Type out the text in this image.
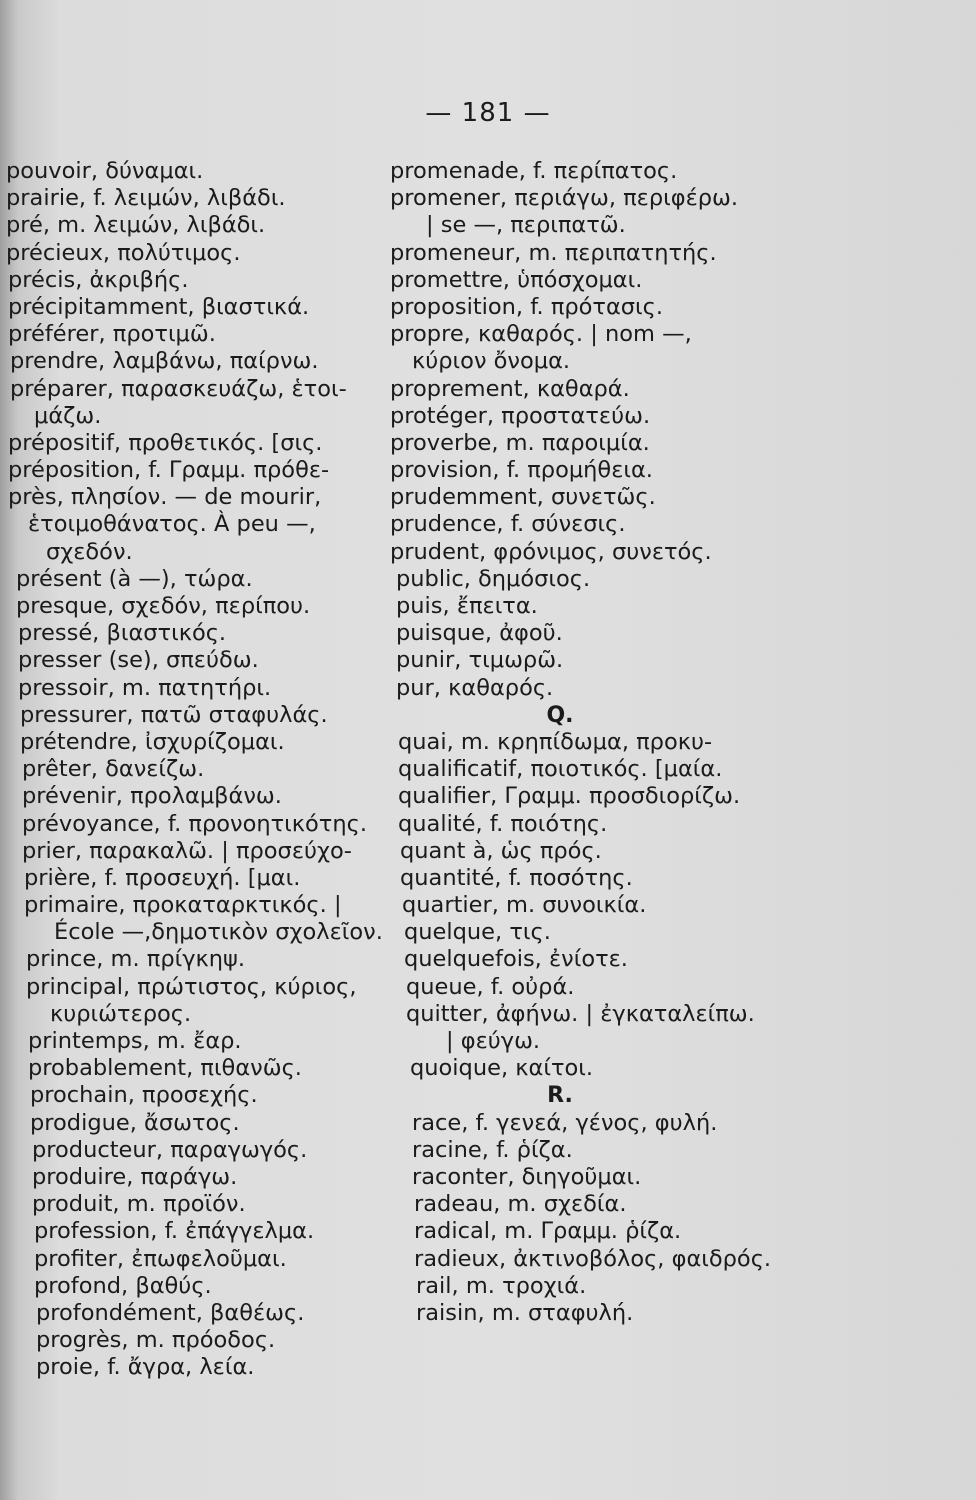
— 181 —
pouvoir, δύναμαι.
prairie, f. λειμών, λιβάδι.
pré, m. λειμών, λιβάδι.
précieux, πολύτιμος.
précis, ἀκριβής.
précipitamment, βιαστικά.
préférer, προτιμῶ.
prendre, λαμβάνω, παίρνω.
préparer, παρασκευάζω, ἑτοι-
μάζω.
prépositif, προθετικός. [σις.
préposition, f. Γραμμ. πρόθε-
près, πλησίον. — de mourir,
ἑτοιμοθάνατος. À peu —,
σχεδόν.
présent (à —), τώρα.
presque, σχεδόν, περίπου.
pressé, βιαστικός.
presser (se), σπεύδω.
pressoir, m. πατητήρι.
pressurer, πατῶ σταφυλάς.
prétendre, ἰσχυρίζομαι.
prêter, δανείζω.
prévenir, προλαμβάνω.
prévoyance, f. προνοητικότης.
prier, παρακαλῶ. | προσεύχο-
prière, f. προσευχή. [μαι.
primaire, προκαταρκτικός. |
École —,δημοτικὸν σχολεῖον.
prince, m. πρίγκηψ.
principal, πρώτιστος, κύριος,
κυριώτερος.
printemps, m. ἔαρ.
probablement, πιθανῶς.
prochain, προσεχής.
prodigue, ἄσωτος.
producteur, παραγωγός.
produire, παράγω.
produit, m. προϊόν.
profession, f. ἐπάγγελμα.
profiter, ἐπωφελοῦμαι.
profond, βαθύς.
profondément, βαθέως.
progrès, m. πρόοδος.
proie, f. ἄγρα, λεία.
promenade, f. περίπατος.
promener, περιάγω, περιφέρω.
| se —, περιπατῶ.
promeneur, m. περιπατητής.
promettre, ὑπόσχομαι.
proposition, f. πρότασις.
propre, καθαρός. | nom —,
κύριον ὄνομα.
proprement, καθαρά.
protéger, προστατεύω.
proverbe, m. παροιμία.
provision, f. προμήθεια.
prudemment, συνετῶς.
prudence, f. σύνεσις.
prudent, φρόνιμος, συνετός.
public, δημόσιος.
puis, ἔπειτα.
puisque, ἀφοῦ.
punir, τιμωρῶ.
pur, καθαρός.
Q.
quai, m. κρηπίδωμα, προκυ-
qualificatif, ποιοτικός. [μαία.
qualifier, Γραμμ. προσδιορίζω.
qualité, f. ποιότης.
quant à, ὡς πρός.
quantité, f. ποσότης.
quartier, m. συνοικία.
quelque, τις.
quelquefois, ἐνίοτε.
queue, f. οὐρά.
quitter, ἀφήνω. | ἐγκαταλείπω.
| φεύγω.
quoique, καίτοι.
R.
race, f. γενεά, γένος, φυλή.
racine, f. ῥίζα.
raconter, διηγοῦμαι.
radeau, m. σχεδία.
radical, m. Γραμμ. ῥίζα.
radieux, ἀκτινοβόλος, φαιδρός.
rail, m. τροχιά.
raisin, m. σταφυλή.
